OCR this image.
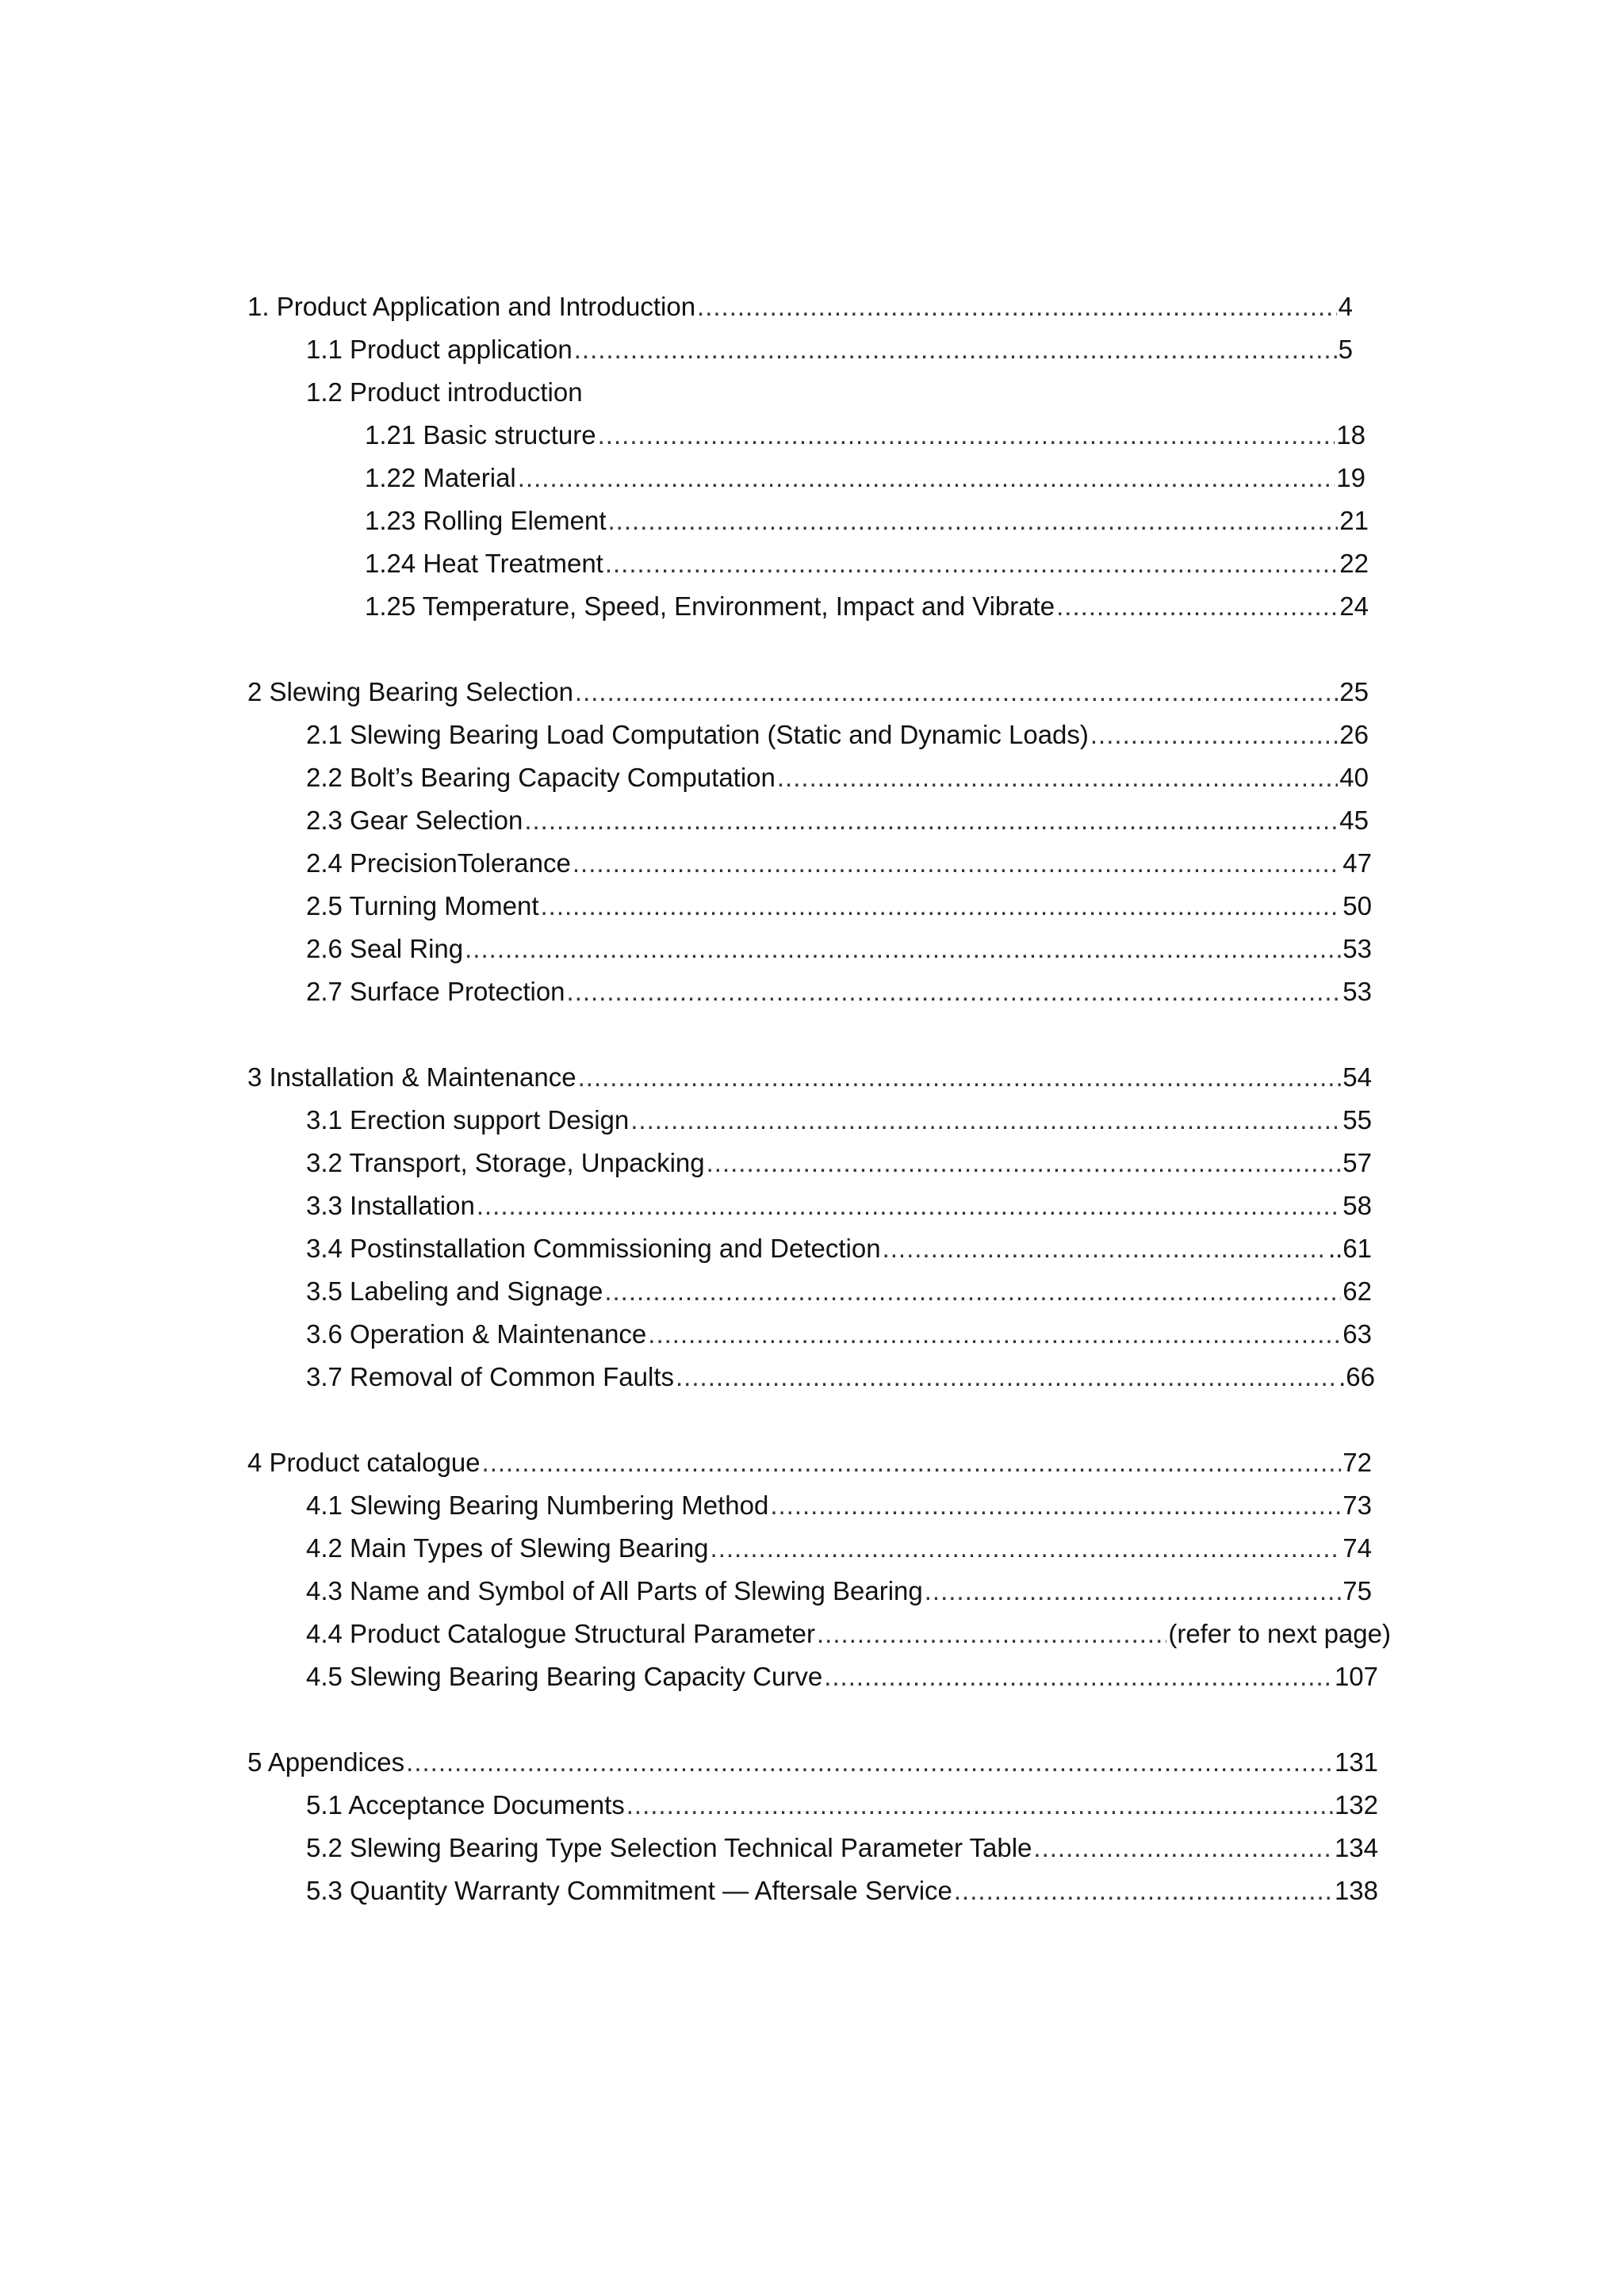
1. Product Application and Introduction .....	4
1.1 Product application .....	5
1.2 Product introduction
1.21 Basic structure .....	18
1.22 Material .....	19
1.23 Rolling Element .....	21
1.24 Heat Treatment .....	22
1.25 Temperature, Speed, Environment, Impact and Vibrate .....	24
2 Slewing Bearing Selection .....	25
2.1 Slewing Bearing Load Computation (Static and Dynamic Loads) .....	26
2.2 Bolt’s Bearing Capacity Computation .....	40
2.3 Gear Selection .....	45
2.4 PrecisionTolerance .....	47
2.5 Turning Moment .....	50
2.6 Seal Ring .....	53
2.7 Surface Protection .....	53
3 Installation & Maintenance .....	54
3.1 Erection support Design .....	55
3.2 Transport, Storage, Unpacking .....	57
3.3 Installation .....	58
3.4 Postinstallation Commissioning and Detection .....	..61
3.5 Labeling and Signage .....	62
3.6 Operation & Maintenance .....	63
3.7 Removal of Common Faults .....	.66
4 Product catalogue .....	72
4.1 Slewing Bearing Numbering Method .....	73
4.2 Main Types of Slewing Bearing .....	74
4.3 Name and Symbol of All Parts of Slewing Bearing .....	75
4.4 Product Catalogue Structural Parameter .....	(refer to next page)
4.5 Slewing Bearing Bearing Capacity Curve .....	107
5 Appendices .....	131
5.1 Acceptance Documents .....	132
5.2 Slewing Bearing Type Selection Technical Parameter Table .....	134
5.3 Quantity Warranty Commitment — Aftersale Service .....	138
